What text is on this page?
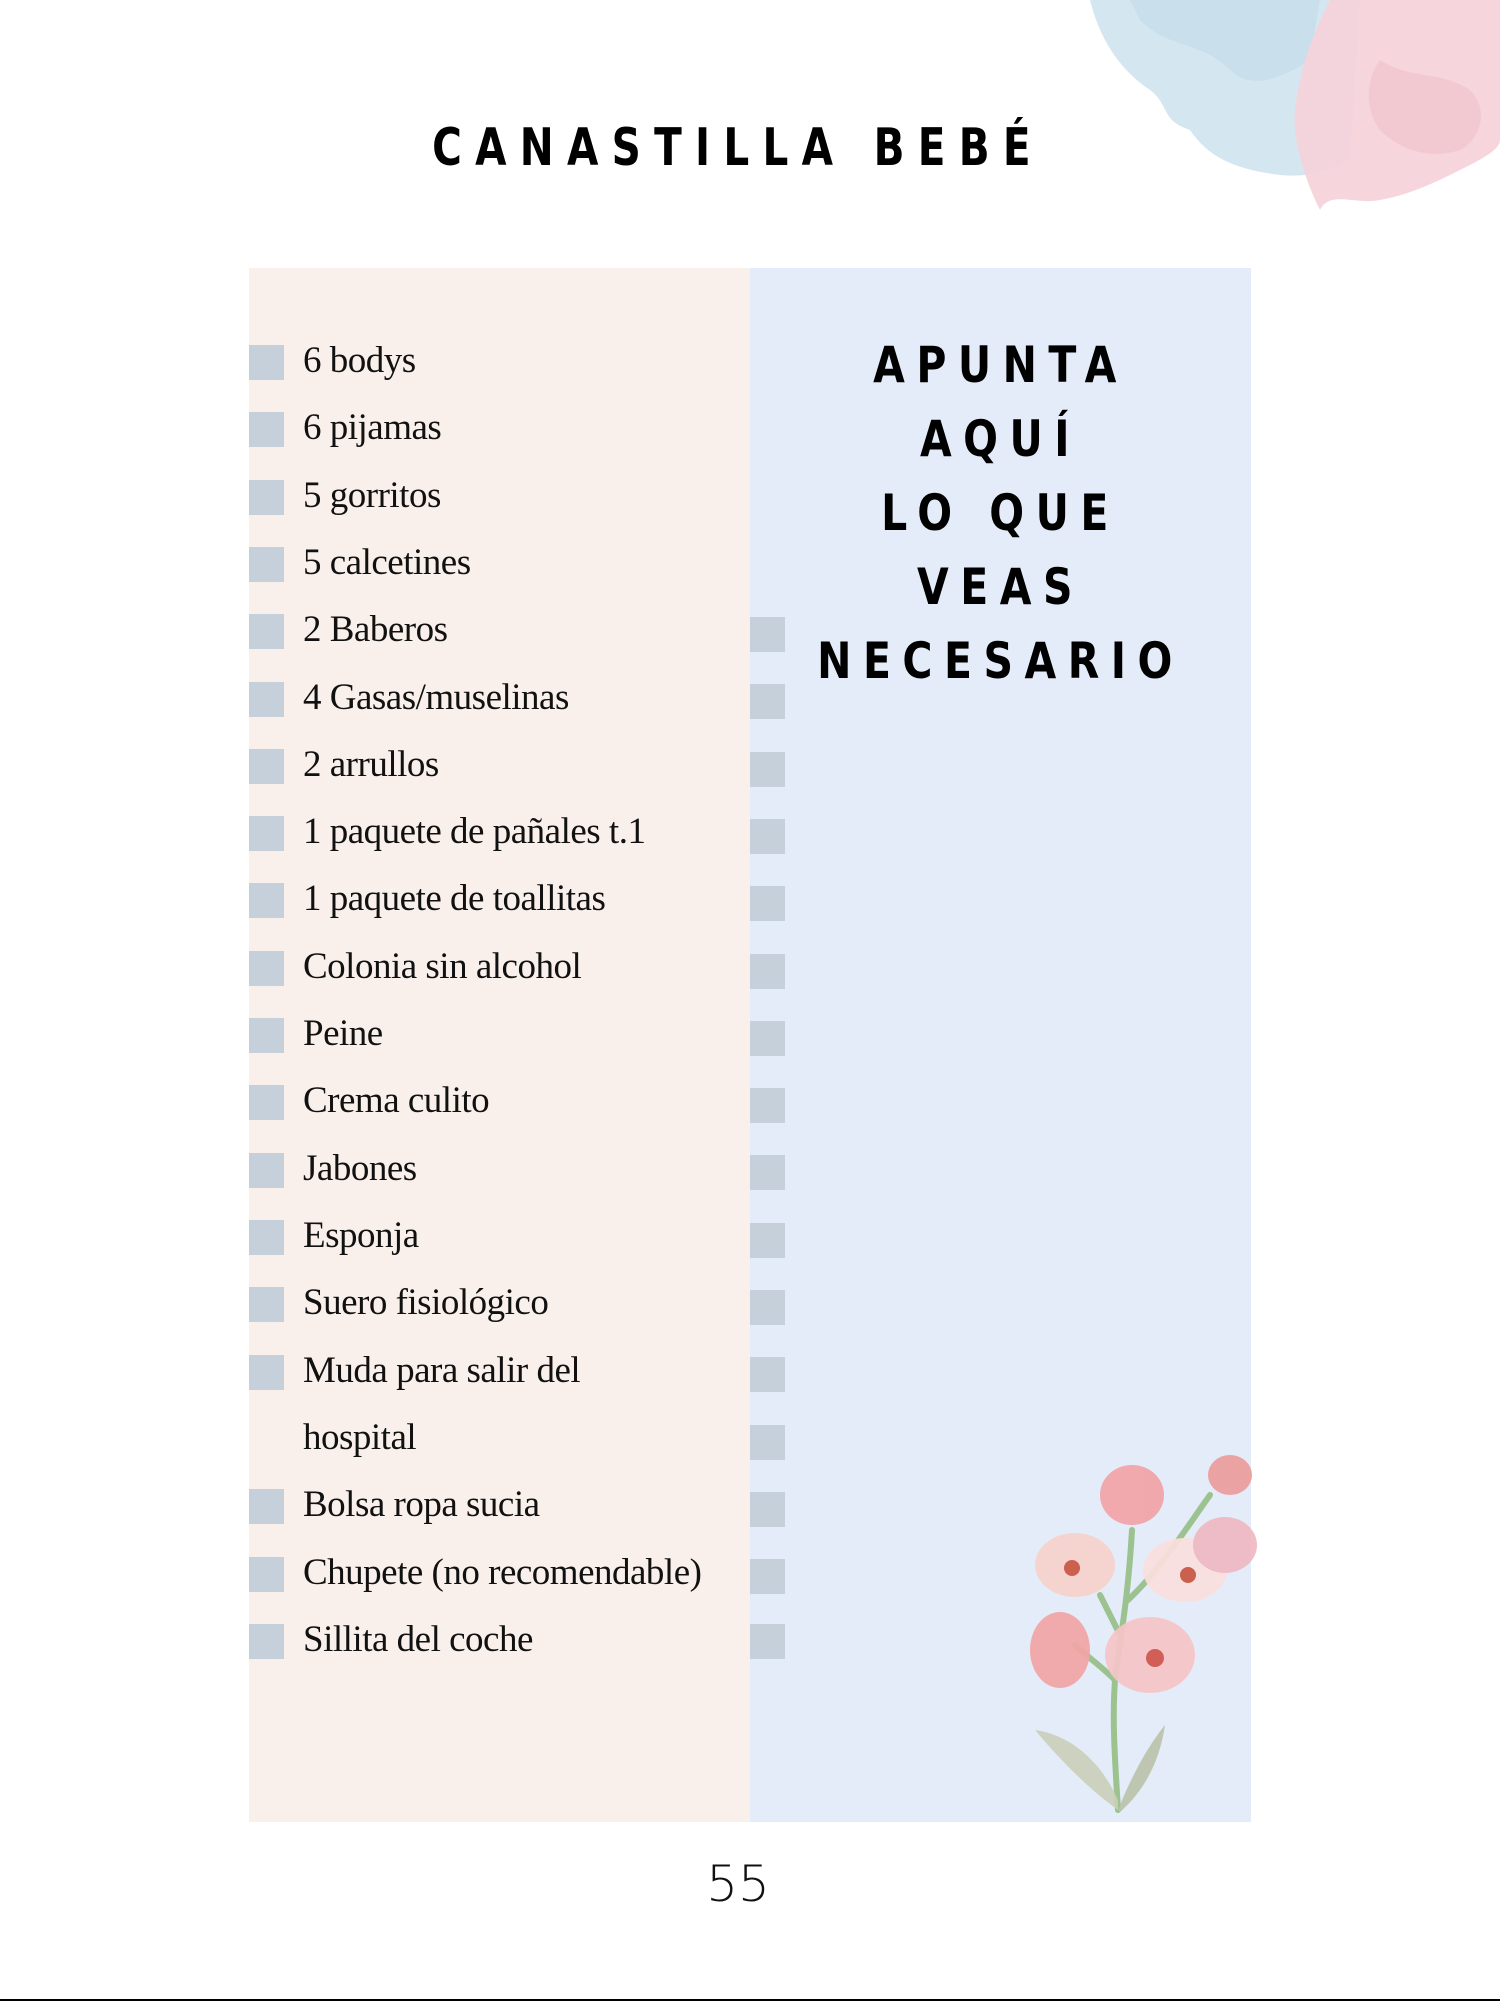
CANASTILLA BEBÉ
6 bodys
6 pijamas
5 gorritos
5 calcetines
2 Baberos
4 Gasas/muselinas
2 arrullos
1 paquete de pañales t.1
1 paquete de toallitas
Colonia sin alcohol
Peine
Crema culito
Jabones
Esponja
Suero fisiológico
Muda para salir del
hospital
Bolsa ropa sucia
Chupete (no recomendable)
Sillita del coche
APUNTA AQUÍ
LO QUE VEAS
NECESARIO
55
